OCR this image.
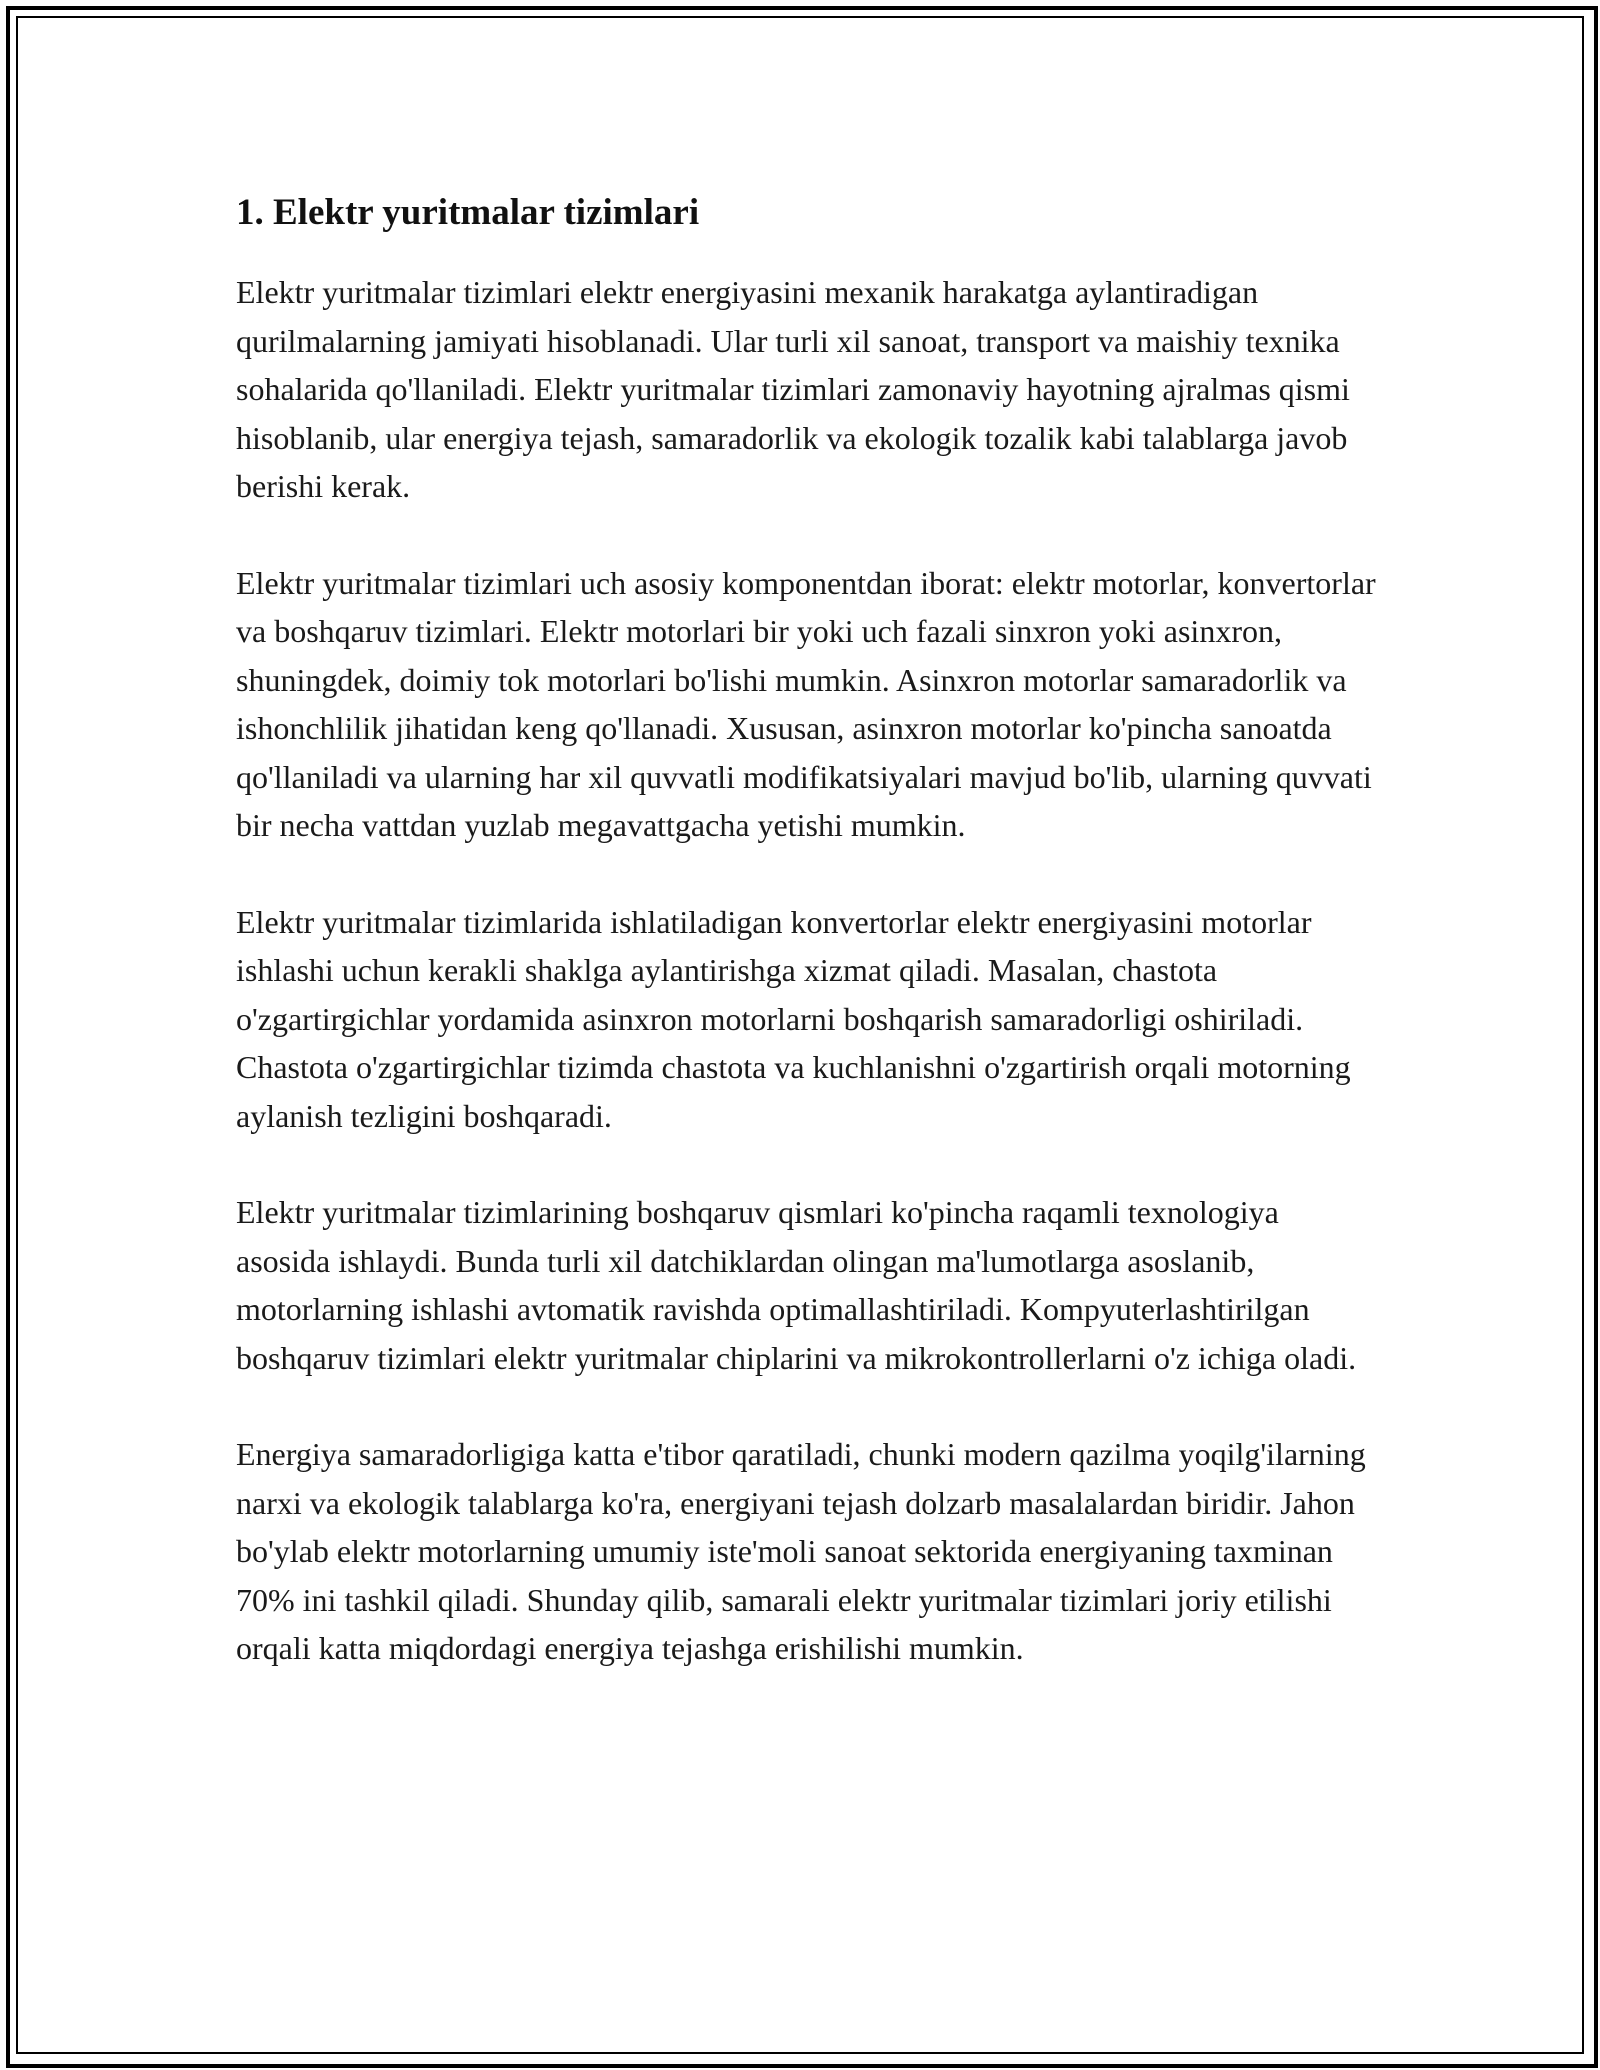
1. Elektr yuritmalar tizimlari

Elektr yuritmalar tizimlari elektr energiyasini mexanik harakatga aylantiradigan qurilmalarning jamiyati hisoblanadi. Ular turli xil sanoat, transport va maishiy texnika sohalarida qo'llaniladi. Elektr yuritmalar tizimlari zamonaviy hayotning ajralmas qismi hisoblanib, ular energiya tejash, samaradorlik va ekologik tozalik kabi talablarga javob berishi kerak.

Elektr yuritmalar tizimlari uch asosiy komponentdan iborat: elektr motorlar, konvertorlar va boshqaruv tizimlari. Elektr motorlari bir yoki uch fazali sinxron yoki asinxron, shuningdek, doimiy tok motorlari bo'lishi mumkin. Asinxron motorlar samaradorlik va ishonchlilik jihatidan keng qo'llanadi. Xususan, asinxron motorlar ko'pincha sanoatda qo'llaniladi va ularning har xil quvvatli modifikatsiyalari mavjud bo'lib, ularning quvvati bir necha vattdan yuzlab megavattgacha yetishi mumkin.

Elektr yuritmalar tizimlarida ishlatiladigan konvertorlar elektr energiyasini motorlar ishlashi uchun kerakli shaklga aylantirishga xizmat qiladi. Masalan, chastota o'zgartirgichlar yordamida asinxron motorlarni boshqarish samaradorligi oshiriladi. Chastota o'zgartirgichlar tizimda chastota va kuchlanishni o'zgartirish orqali motorning aylanish tezligini boshqaradi.

Elektr yuritmalar tizimlarining boshqaruv qismlari ko'pincha raqamli texnologiya asosida ishlaydi. Bunda turli xil datchiklardan olingan ma'lumotlarga asoslanib, motorlarning ishlashi avtomatik ravishda optimallashtiriladi. Kompyuterlashtirilgan boshqaruv tizimlari elektr yuritmalar chiplarini va mikrokontrollerlarni o'z ichiga oladi.

Energiya samaradorligiga katta e'tibor qaratiladi, chunki modern qazilma yoqilg'ilarning narxi va ekologik talablarga ko'ra, energiyani tejash dolzarb masalalardan biridir. Jahon bo'ylab elektr motorlarning umumiy iste'moli sanoat sektorida energiyaning taxminan 70% ini tashkil qiladi. Shunday qilib, samarali elektr yuritmalar tizimlari joriy etilishi orqali katta miqdordagi energiya tejashga erishilishi mumkin.
